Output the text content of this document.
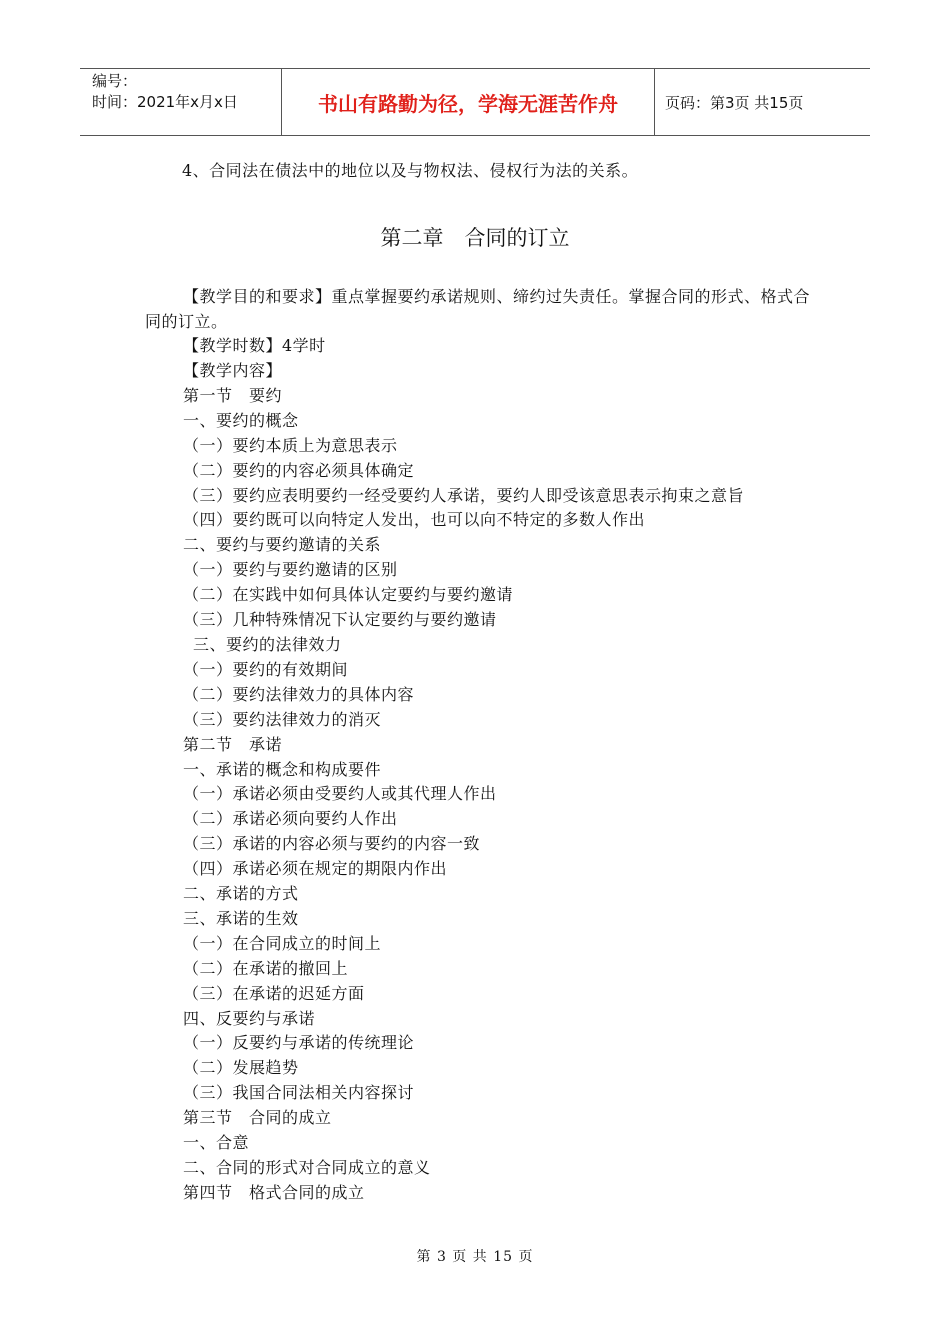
编号：
时间：2021年x月x日	书山有路勤为径，学海无涯苦作舟	页码：第3页 共15页
4、合同法在债法中的地位以及与物权法、侵权行为法的关系。
第二章　合同的订立

【教学目的和要求】重点掌握要约承诺规则、缔约过失责任。掌握合同的形式、格式合同的订立。

【教学时数】4学时

【教学内容】

第一节　要约

一、要约的概念

（一）要约本质上为意思表示

（二）要约的内容必须具体确定

（三）要约应表明要约一经受要约人承诺，要约人即受该意思表示拘束之意旨

（四）要约既可以向特定人发出，也可以向不特定的多数人作出

二、要约与要约邀请的关系

（一）要约与要约邀请的区别

（二）在实践中如何具体认定要约与要约邀请

（三）几种特殊情况下认定要约与要约邀请

三、要约的法律效力

（一）要约的有效期间

（二）要约法律效力的具体内容

（三）要约法律效力的消灭

第二节　承诺

一、承诺的概念和构成要件

（一）承诺必须由受要约人或其代理人作出

（二）承诺必须向要约人作出

（三）承诺的内容必须与要约的内容一致

（四）承诺必须在规定的期限内作出

二、承诺的方式

三、承诺的生效

（一）在合同成立的时间上

（二）在承诺的撤回上

（三）在承诺的迟延方面

四、反要约与承诺

（一）反要约与承诺的传统理论

（二）发展趋势

（三）我国合同法相关内容探讨

第三节　合同的成立

一、合意

二、合同的形式对合同成立的意义

第四节　格式合同的成立

第 3 页 共 15 页
